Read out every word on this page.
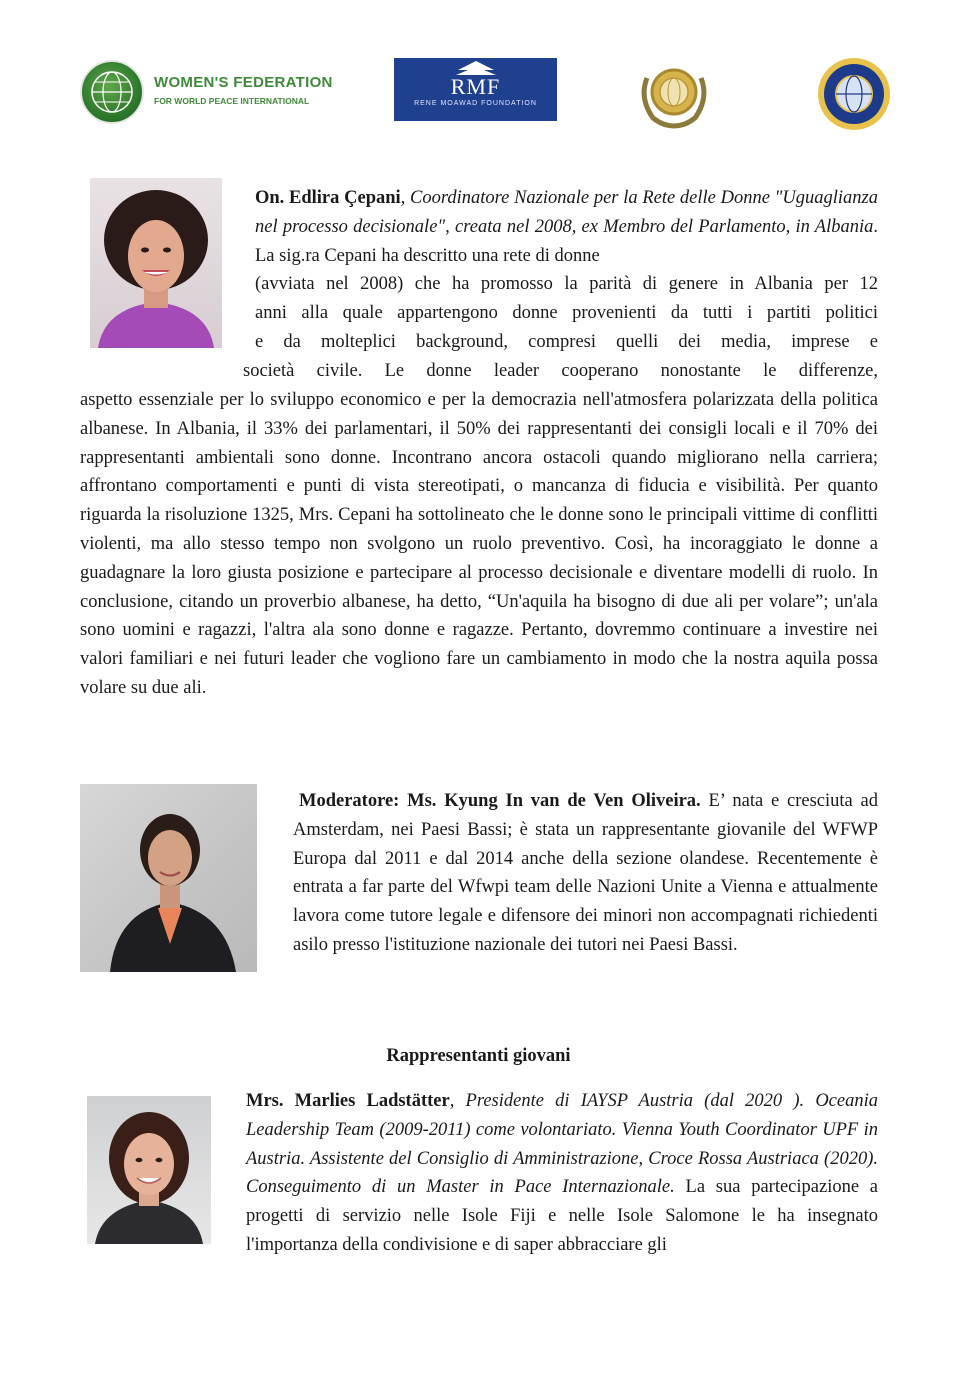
WOMEN'S FEDERATION
FOR WORLD PEACE INTERNATIONAL
RMF
RENE MOAWAD FOUNDATION

On. Edlira Çepani, Coordinatore Nazionale per la Rete delle Donne "Uguaglianza nel processo decisionale", creata nel 2008, ex Membro del Parlamento, in Albania. La sig.ra Cepani ha descritto una rete di donne

(avviata nel 2008) che ha promosso la parità di genere in Albania per 12
anni alla quale appartengono donne provenienti da tutti i partiti politici
e da molteplici background, compresi quelli dei media, imprese e
società civile. Le donne leader cooperano nonostante le differenze,

aspetto essenziale per lo sviluppo economico e per la democrazia nell'atmosfera polarizzata della politica albanese. In Albania, il 33% dei parlamentari, il 50% dei rappresentanti dei consigli locali e il 70% dei rappresentanti ambientali sono donne. Incontrano ancora ostacoli quando migliorano nella carriera; affrontano comportamenti e punti di vista stereotipati, o mancanza di fiducia e visibilità. Per quanto riguarda la risoluzione 1325, Mrs. Cepani ha sottolineato che le donne sono le principali vittime di conflitti violenti, ma allo stesso tempo non svolgono un ruolo preventivo. Così, ha incoraggiato le donne a guadagnare la loro giusta posizione e partecipare al processo decisionale e diventare modelli di ruolo. In conclusione, citando un proverbio albanese, ha detto, “Un'aquila ha bisogno di due ali per volare”; un'ala sono uomini e ragazzi, l'altra ala sono donne e ragazze. Pertanto, dovremmo continuare a investire nei valori familiari e nei futuri leader che vogliono fare un cambiamento in modo che la nostra aquila possa volare su due ali.

Moderatore: Ms. Kyung In van de Ven Oliveira. E’ nata e cresciuta ad Amsterdam, nei Paesi Bassi; è stata un rappresentante giovanile del WFWP Europa dal 2011 e dal 2014 anche della sezione olandese. Recentemente è entrata a far parte del Wfwpi team delle Nazioni Unite a Vienna e attualmente lavora come tutore legale e difensore dei minori non accompagnati richiedenti asilo presso l'istituzione nazionale dei tutori nei Paesi Bassi.

Rappresentanti giovani

Mrs. Marlies Ladstätter, Presidente di IAYSP Austria (dal 2020 ). Oceania Leadership Team (2009-2011) come volontariato. Vienna Youth Coordinator UPF in Austria. Assistente del Consiglio di Amministrazione, Croce Rossa Austriaca (2020). Conseguimento di un Master in Pace Internazionale. La sua partecipazione a progetti di servizio nelle Isole Fiji e nelle Isole Salomone le ha insegnato l'importanza della condivisione e di saper abbracciare gli
